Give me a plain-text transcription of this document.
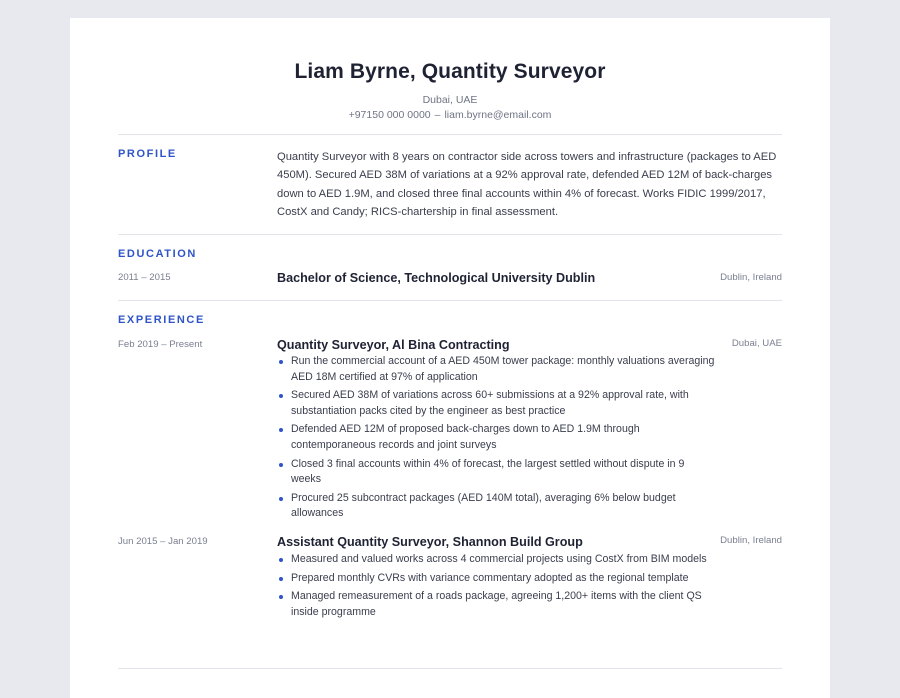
Liam Byrne, Quantity Surveyor
Dubai, UAE
+97150 000 0000 – liam.byrne@email.com
PROFILE	Quantity Surveyor with 8 years on contractor side across towers and infrastructure (packages to AED 450M). Secured AED 38M of variations at a 92% approval rate, defended AED 12M of back-charges down to AED 1.9M, and closed three final accounts within 4% of forecast. Works FIDIC 1999/2017, CostX and Candy; RICS-chartership in final assessment.
EDUCATION
2011 – 2015	Bachelor of Science, Technological University Dublin	Dublin, Ireland
EXPERIENCE
Feb 2019 – Present	Quantity Surveyor, Al Bina Contracting	Dubai, UAE
Run the commercial account of a AED 450M tower package: monthly valuations averaging AED 18M certified at 97% of application
Secured AED 38M of variations across 60+ submissions at a 92% approval rate, with substantiation packs cited by the engineer as best practice
Defended AED 12M of proposed back-charges down to AED 1.9M through contemporaneous records and joint surveys
Closed 3 final accounts within 4% of forecast, the largest settled without dispute in 9 weeks
Procured 25 subcontract packages (AED 140M total), averaging 6% below budget allowances
Jun 2015 – Jan 2019	Assistant Quantity Surveyor, Shannon Build Group	Dublin, Ireland
Measured and valued works across 4 commercial projects using CostX from BIM models
Prepared monthly CVRs with variance commentary adopted as the regional template
Managed remeasurement of a roads package, agreeing 1,200+ items with the client QS inside programme
